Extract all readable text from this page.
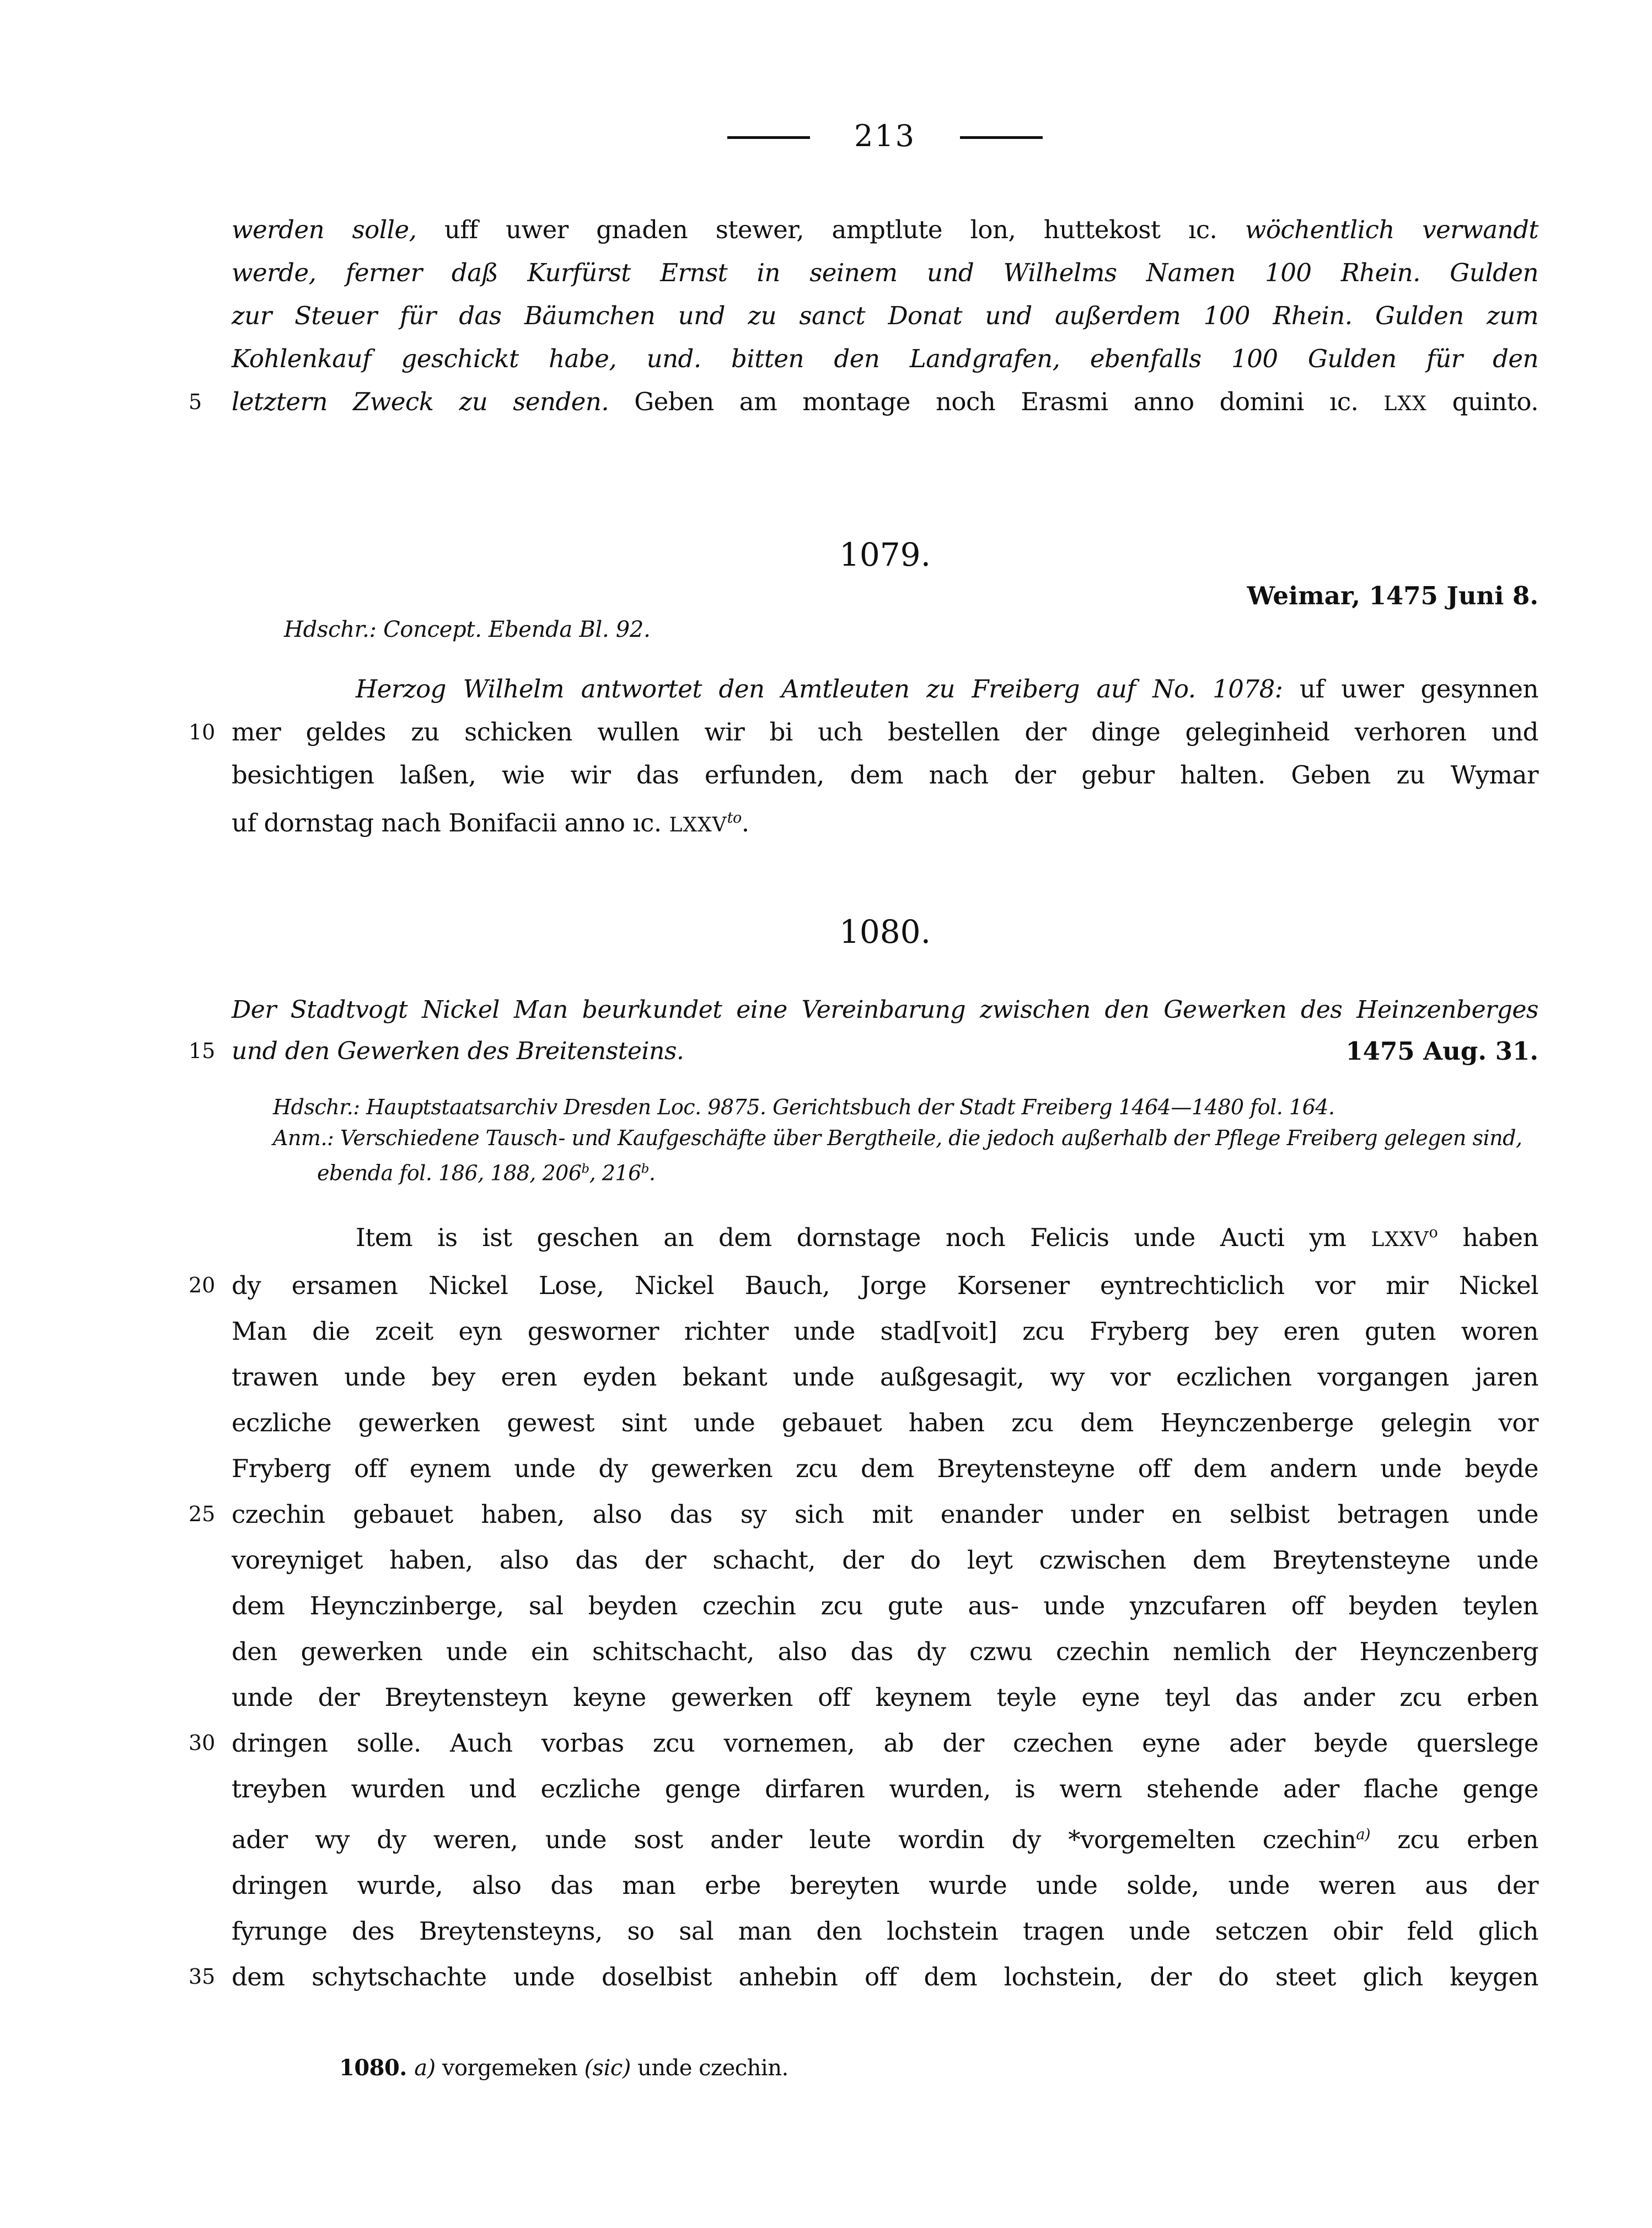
213
werden solle, uff uwer gnaden stewer, amptlute lon, huttekost ıc. wöchentlich verwandt
werde, ferner daß Kurfürst Ernst in seinem und Wilhelms Namen 100 Rhein. Gulden
zur Steuer für das Bäumchen und zu sanct Donat und außerdem 100 Rhein. Gulden zum
Kohlenkauf geschickt habe, und. bitten den Landgrafen, ebenfalls 100 Gulden für den
5	letztern Zweck zu senden. Geben am montage noch Erasmi anno domini ıc. LXX quinto.
1079.
Weimar, 1475 Juni 8.
Hdschr.: Concept. Ebenda Bl. 92.
Herzog Wilhelm antwortet den Amtleuten zu Freiberg auf No. 1078: uf uwer gesynnen
10 mer geldes zu schicken wullen wir bi uch bestellen der dinge geleginheid verhoren und
besichtigen laßen, wie wir das erfunden, dem nach der gebur halten. Geben zu Wymar
uf dornstag nach Bonifacii anno ıc. $LXXV^{to}$.
1080.
Der Stadtvogt Nickel Man beurkundet eine Vereinbarung zwischen den Gewerken des Heinzenberges
15 und den Gewerken des Breitensteins.	1475 Aug. 31.
Hdschr.: Hauptstaatsarchiv Dresden Loc. 9875. Gerichtsbuch der Stadt Freiberg 1464—1480 fol. 164.
Anm.: Verschiedene Tausch- und Kaufgeschäfte über Bergtheile, die jedoch außerhalb der Pflege Freiberg gelegen sind,
ebenda fol. 186, 188, 206$^b$, 216$^b$.
Item is ist geschen an dem dornstage noch Felicis unde Aucti ym LXXV$^o$ haben
20 dy ersamen Nickel Lose, Nickel Bauch, Jorge Korsener eyntrechticlich vor mir Nickel
Man die zceit eyn gesworner richter unde stad[voit] zcu Fryberg bey eren guten woren
trawen unde bey eren eyden bekant unde außgesagit, wy vor eczlichen vorgangen jaren
eczliche gewerken gewest sint unde gebauet haben zcu dem Heynczenberge gelegin vor
Fryberg off eynem unde dy gewerken zcu dem Breytensteyne off dem andern unde beyde
25 czechin gebauet haben, also das sy sich mit enander under en selbist betragen unde
voreyniget haben, also das der schacht, der do leyt czwischen dem Breytensteyne unde
dem Heynczinberge, sal beyden czechin zcu gute aus- unde ynzcufaren off beyden teylen
den gewerken unde ein schitschacht, also das dy czwu czechin nemlich der Heynczenberg
unde der Breytensteyn keyne gewerken off keynem teyle eyne teyl das ander zcu erben
30 dringen solle. Auch vorbas zcu vornemen, ab der czechen eyne ader beyde querslege
treyben wurden und eczliche genge dirfaren wurden, is wern stehende ader flache genge
ader wy dy weren, unde sost ander leute wordin dy *vorgemelten czechin$^{a)}$ zcu erben
dringen wurde, also das man erbe bereyten wurde unde solde, unde weren aus der
fyrunge des Breytensteyns, so sal man den lochstein tragen unde setczen obir feld glich
35 dem schytschachte unde doselbist anhebin off dem lochstein, der do steet glich keygen
1080. a) vorgemeken (sic) unde czechin.
